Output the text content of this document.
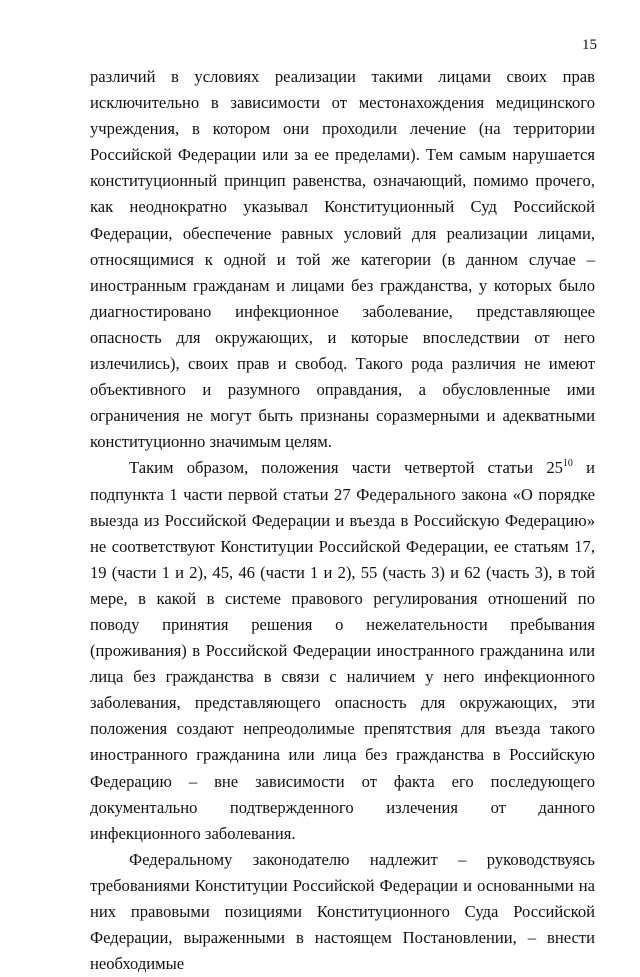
15

различий в условиях реализации такими лицами своих прав исключительно в зависимости от местонахождения медицинского учреждения, в котором они проходили лечение (на территории Российской Федерации или за ее пределами). Тем самым нарушается конституционный принцип равенства, означающий, помимо прочего, как неоднократно указывал Конституционный Суд Российской Федерации, обеспечение равных условий для реализации лицами, относящимися к одной и той же категории (в данном случае – иностранным гражданам и лицами без гражданства, у которых было диагностировано инфекционное заболевание, представляющее опасность для окружающих, и которые впоследствии от него излечились), своих прав и свобод. Такого рода различия не имеют объективного и разумного оправдания, а обусловленные ими ограничения не могут быть признаны соразмерными и адекватными конституционно значимым целям.

Таким образом, положения части четвертой статьи $25^{10}$ и подпункта 1 части первой статьи 27 Федерального закона «О порядке выезда из Российской Федерации и въезда в Российскую Федерацию» не соответствуют Конституции Российской Федерации, ее статьям 17, 19 (части 1 и 2), 45, 46 (части 1 и 2), 55 (часть 3) и 62 (часть 3), в той мере, в какой в системе правового регулирования отношений по поводу принятия решения о нежелательности пребывания (проживания) в Российской Федерации иностранного гражданина или лица без гражданства в связи с наличием у него инфекционного заболевания, представляющего опасность для окружающих, эти положения создают непреодолимые препятствия для въезда такого иностранного гражданина или лица без гражданства в Российскую Федерацию – вне зависимости от факта его последующего документально подтвержденного излечения от данного инфекционного заболевания.

Федеральному законодателю надлежит – руководствуясь требованиями Конституции Российской Федерации и основанными на них правовыми позициями Конституционного Суда Российской Федерации, выраженными в настоящем Постановлении, – внести необходимые
